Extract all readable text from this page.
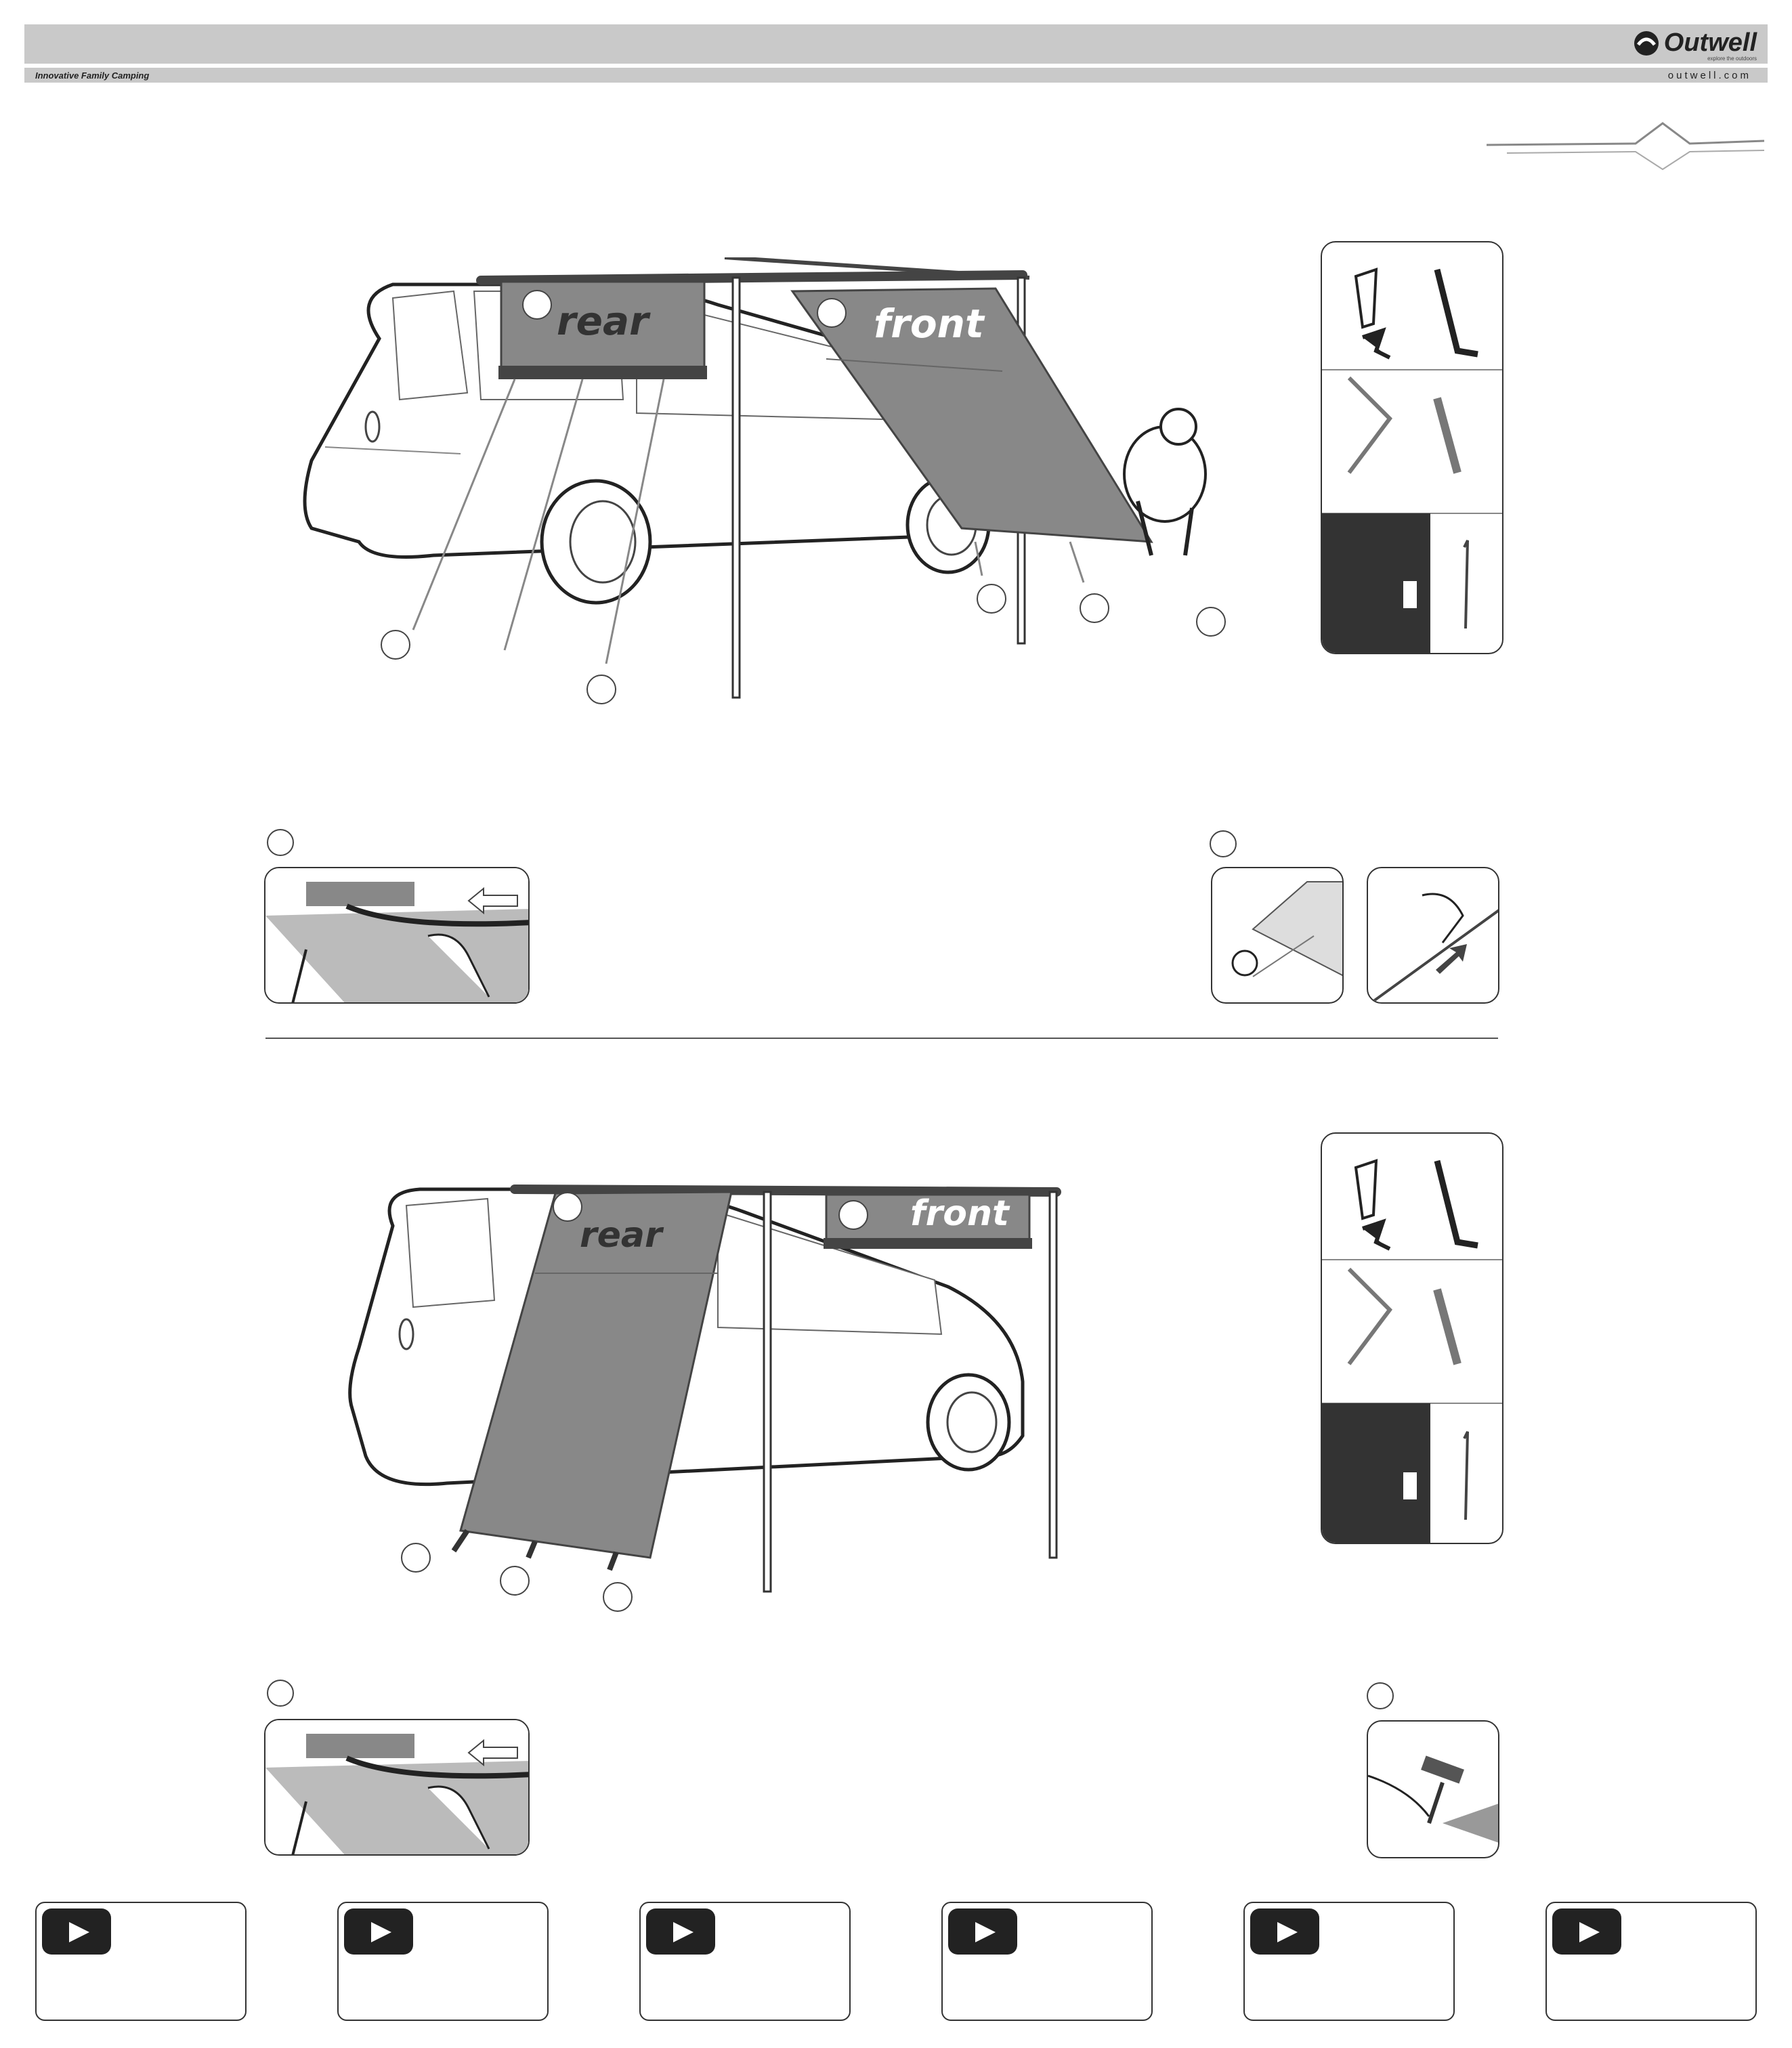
Innovative Family Camping	outwell.com
Outwell
explore the outdoors
rear	front
rear
front
